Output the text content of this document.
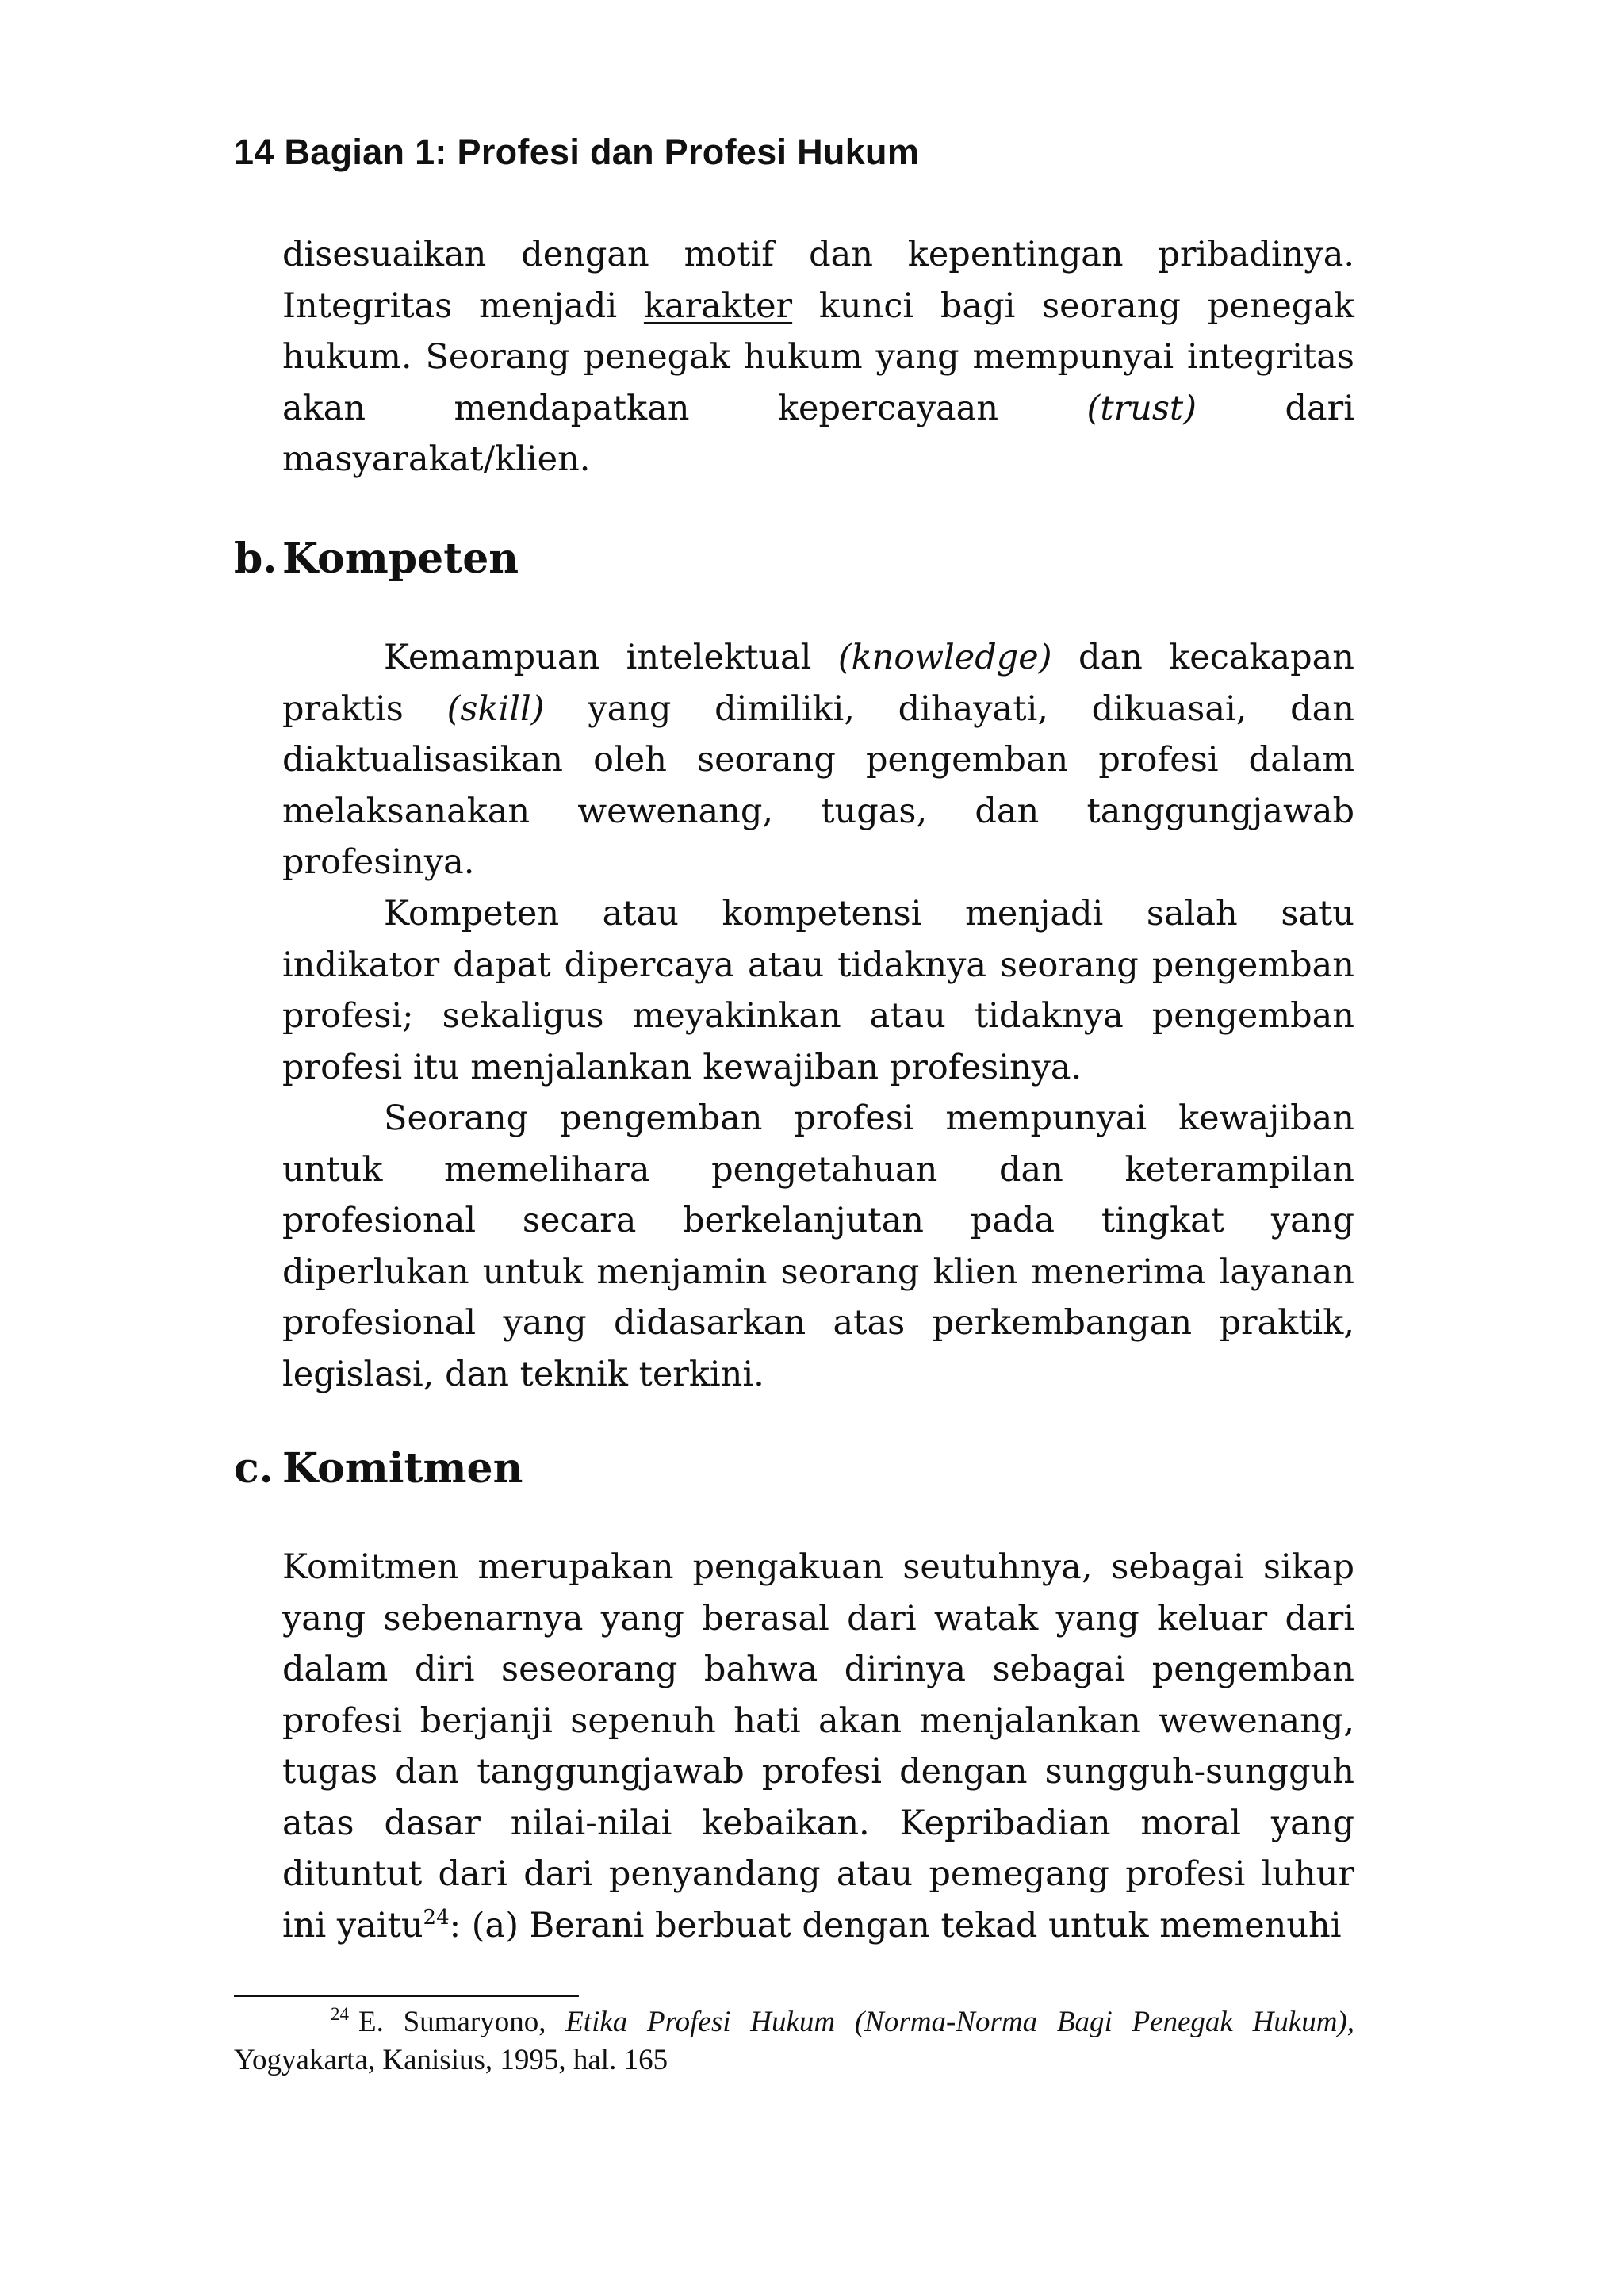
14 Bagian 1: Profesi dan Profesi Hukum

disesuaikan dengan motif dan kepentingan pribadinya. Integritas menjadi karakter kunci bagi seorang penegak hukum. Seorang penegak hukum yang mempunyai integritas akan mendapatkan kepercayaan (trust) dari masyarakat/klien.

b. Kompeten

Kemampuan intelektual (knowledge) dan kecakapan praktis (skill) yang dimiliki, dihayati, dikuasai, dan diaktualisasikan oleh seorang pengemban profesi dalam melaksanakan wewenang, tugas, dan tanggungjawab profesinya.

Kompeten atau kompetensi menjadi salah satu indikator dapat dipercaya atau tidaknya seorang pengemban profesi; sekaligus meyakinkan atau tidaknya pengemban profesi itu menjalankan kewajiban profesinya.

Seorang pengemban profesi mempunyai kewajiban untuk memelihara pengetahuan dan keterampilan profesional secara berkelanjutan pada tingkat yang diperlukan untuk menjamin seorang klien menerima layanan profesional yang didasarkan atas perkembangan praktik, legislasi, dan teknik terkini.

c. Komitmen

Komitmen merupakan pengakuan seutuhnya, sebagai sikap yang sebenarnya yang berasal dari watak yang keluar dari dalam diri seseorang bahwa dirinya sebagai pengemban profesi berjanji sepenuh hati akan menjalankan wewenang, tugas dan tanggungjawab profesi dengan sungguh-sungguh atas dasar nilai-nilai kebaikan. Kepribadian moral yang dituntut dari dari penyandang atau pemegang profesi luhur ini yaitu$^{24}$: (a) Berani berbuat dengan tekad untuk memenuhi

$^{24}$ E. Sumaryono, Etika Profesi Hukum (Norma-Norma Bagi Penegak Hukum), Yogyakarta, Kanisius, 1995, hal. 165
